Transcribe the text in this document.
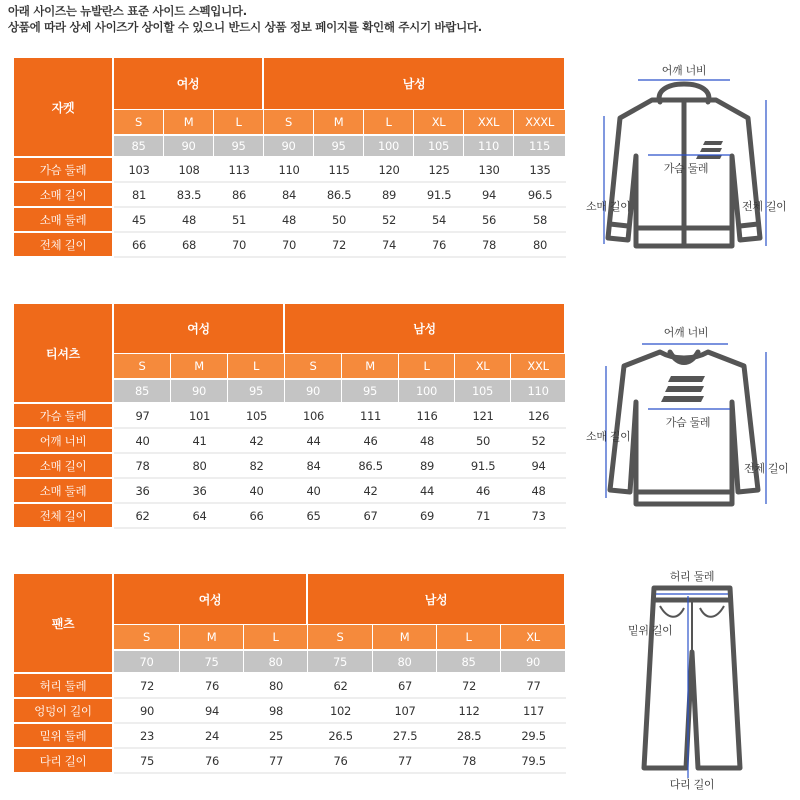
아래 사이즈는 뉴발란스 표준 사이드 스펙입니다.
상품에 따라 상세 사이즈가 상이할 수 있으니 반드시 상품 정보 페이지를 확인해 주시기 바랍니다.
자켓	여성			남성					
	S	M	L	S	M	L	XL	XXL	XXXL
	85	90	95	90	95	100	105	110	115
가슴 둘레	103	108	113	110	115	120	125	130	135
소매 길이	81	83.5	86	84	86.5	89	91.5	94	96.5
소매 둘레	45	48	51	48	50	52	54	56	58
전체 길이	66	68	70	70	72	74	76	78	80
티셔츠	여성			남성				
	S	M	L	S	M	L	XL	XXL
	85	90	95	90	95	100	105	110
가슴 둘레	97	101	105	106	111	116	121	126
어깨 너비	40	41	42	44	46	48	50	52
소매 길이	78	80	82	84	86.5	89	91.5	94
소매 둘레	36	36	40	40	42	44	46	48
전체 길이	62	64	66	65	67	69	71	73
팬츠	여성			남성			
	S	M	L	S	M	L	XL
	70	75	80	75	80	85	90
허리 둘레	72	76	80	62	67	72	77
엉덩이 길이	90	94	98	102	107	112	117
밑위 둘레	23	24	25	26.5	27.5	28.5	29.5
다리 길이	75	76	77	76	77	78	79.5
어깨 너비
가슴 둘레
소매 길이	전체 길이
어깨 너비
가슴 둘레
소매 길이
전체 길이
허리 둘레
밑위 길이
다리 길이
